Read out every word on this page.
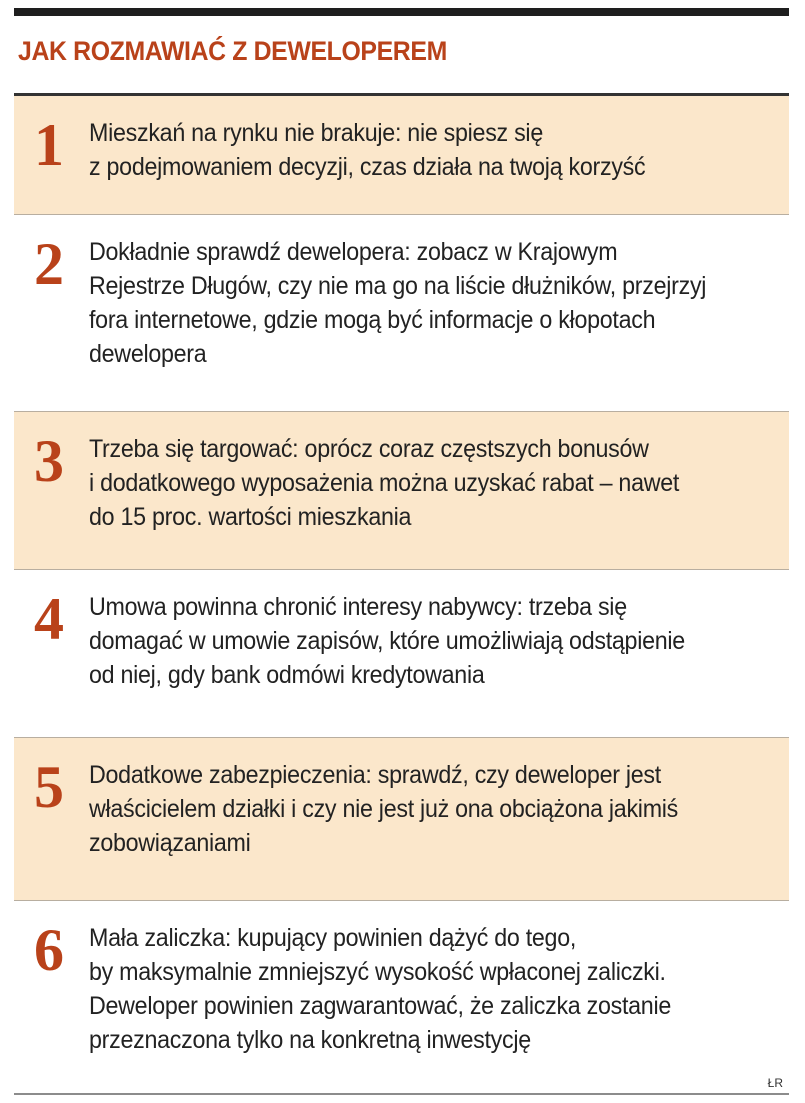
JAK ROZMAWIAĆ Z DEWELOPEREM
1	Mieszkań na rynku nie brakuje: nie spiesz się
z podejmowaniem decyzji, czas działa na twoją korzyść
2	Dokładnie sprawdź dewelopera: zobacz w Krajowym
Rejestrze Długów, czy nie ma go na liście dłużników, przejrzyj
fora internetowe, gdzie mogą być informacje o kłopotach
dewelopera
3	Trzeba się targować: oprócz coraz częstszych bonusów
i dodatkowego wyposażenia można uzyskać rabat – nawet
do 15 proc. wartości mieszkania
4	Umowa powinna chronić interesy nabywcy: trzeba się
domagać w umowie zapisów, które umożliwiają odstąpienie
od niej, gdy bank odmówi kredytowania
5	Dodatkowe zabezpieczenia: sprawdź, czy deweloper jest
właścicielem działki i czy nie jest już ona obciążona jakimiś
zobowiązaniami
6	Mała zaliczka: kupujący powinien dążyć do tego,
by maksymalnie zmniejszyć wysokość wpłaconej zaliczki.
Deweloper powinien zagwarantować, że zaliczka zostanie
przeznaczona tylko na konkretną inwestycję
ŁR
